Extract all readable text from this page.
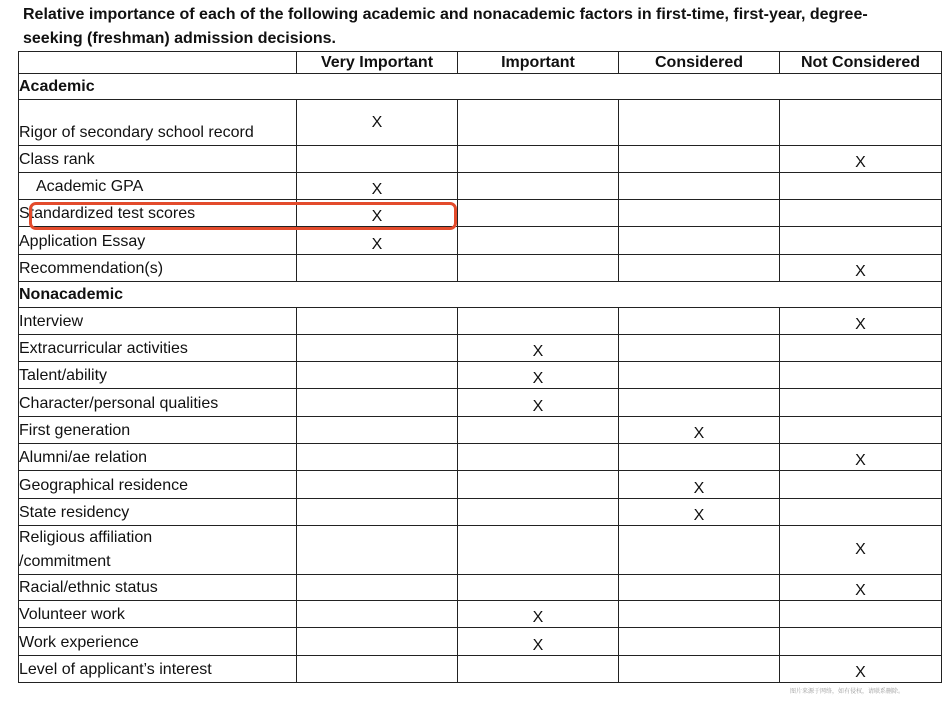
Relative importance of each of the following academic and nonacademic factors in first-time, first-year, degree-seeking (freshman) admission decisions.
	Very Important	Important	Considered	Not Considered
Academic				
Rigor of secondary school record	X			
Class rank				X
Academic GPA	X			
Standardized test scores	X			
Application Essay	X			
Recommendation(s)				X
Nonacademic				
Interview				X
Extracurricular activities		X		
Talent/ability		X		
Character/personal qualities		X		
First generation			X	
Alumni/ae relation				X
Geographical residence			X	
State residency			X	

Religious affiliation
/commitment				X
Racial/ethnic status				X
Volunteer work		X		
Work experience		X		
Level of applicant’s interest				X
图片来源于网络，如有侵权，请联系删除。
